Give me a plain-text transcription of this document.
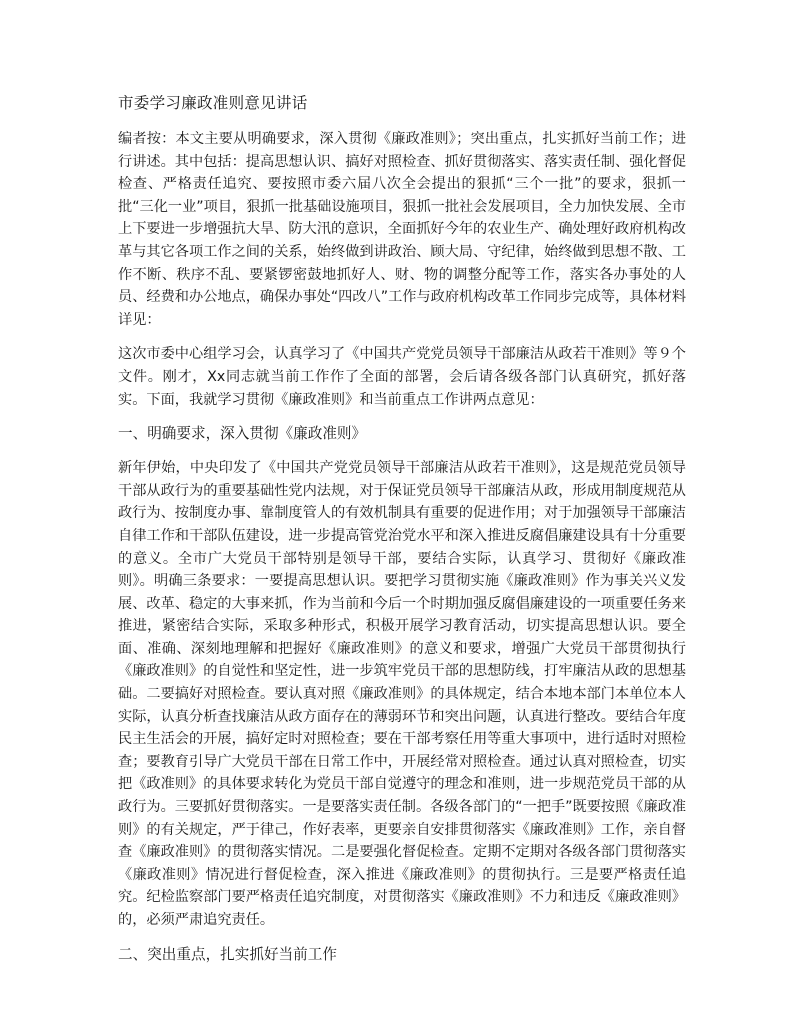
市委学习廉政准则意见讲话

编者按：本文主要从明确要求，深入贯彻《廉政准则》；突出重点，扎实抓好当前工作；进行讲述。其中包括：提高思想认识、搞好对照检查、抓好贯彻落实、落实责任制、强化督促检查、严格责任追究、要按照市委六届八次全会提出的狠抓“三个一批”的要求，狠抓一批“三化一业”项目，狠抓一批基础设施项目，狠抓一批社会发展项目，全力加快发展、全市上下要进一步增强抗大旱、防大汛的意识，全面抓好今年的农业生产、确处理好政府机构改革与其它各项工作之间的关系，始终做到讲政治、顾大局、守纪律，始终做到思想不散、工作不断、秩序不乱、要紧锣密鼓地抓好人、财、物的调整分配等工作，落实各办事处的人员、经费和办公地点，确保办事处“四改八”工作与政府机构改革工作同步完成等，具体材料详见：

这次市委中心组学习会，认真学习了《中国共产党党员领导干部廉洁从政若干准则》等９个文件。刚才，Xx同志就当前工作作了全面的部署，会后请各级各部门认真研究，抓好落实。下面，我就学习贯彻《廉政准则》和当前重点工作讲两点意见：

一、明确要求，深入贯彻《廉政准则》

新年伊始，中央印发了《中国共产党党员领导干部廉洁从政若干准则》，这是规范党员领导干部从政行为的重要基础性党内法规，对于保证党员领导干部廉洁从政，形成用制度规范从政行为、按制度办事、靠制度管人的有效机制具有重要的促进作用；对于加强领导干部廉洁自律工作和干部队伍建设，进一步提高管党治党水平和深入推进反腐倡廉建设具有十分重要的意义。全市广大党员干部特别是领导干部，要结合实际，认真学习、贯彻好《廉政准则》。明确三条要求：一要提高思想认识。要把学习贯彻实施《廉政准则》作为事关兴义发展、改革、稳定的大事来抓，作为当前和今后一个时期加强反腐倡廉建设的一项重要任务来推进，紧密结合实际，采取多种形式，积极开展学习教育活动，切实提高思想认识。要全面、准确、深刻地理解和把握好《廉政准则》的意义和要求，增强广大党员干部贯彻执行《廉政准则》的自觉性和坚定性，进一步筑牢党员干部的思想防线，打牢廉洁从政的思想基础。二要搞好对照检查。要认真对照《廉政准则》的具体规定，结合本地本部门本单位本人实际，认真分析查找廉洁从政方面存在的薄弱环节和突出问题，认真进行整改。要结合年度民主生活会的开展，搞好定时对照检查；要在干部考察任用等重大事项中，进行适时对照检查；要教育引导广大党员干部在日常工作中，开展经常对照检查。通过认真对照检查，切实把《政准则》的具体要求转化为党员干部自觉遵守的理念和准则，进一步规范党员干部的从政行为。三要抓好贯彻落实。一是要落实责任制。各级各部门的“一把手”既要按照《廉政准则》的有关规定，严于律己，作好表率，更要亲自安排贯彻落实《廉政准则》工作，亲自督查《廉政准则》的贯彻落实情况。二是要强化督促检查。定期不定期对各级各部门贯彻落实《廉政准则》情况进行督促检查，深入推进《廉政准则》的贯彻执行。三是要严格责任追究。纪检监察部门要严格责任追究制度，对贯彻落实《廉政准则》不力和违反《廉政准则》的，必须严肃追究责任。

二、突出重点，扎实抓好当前工作
